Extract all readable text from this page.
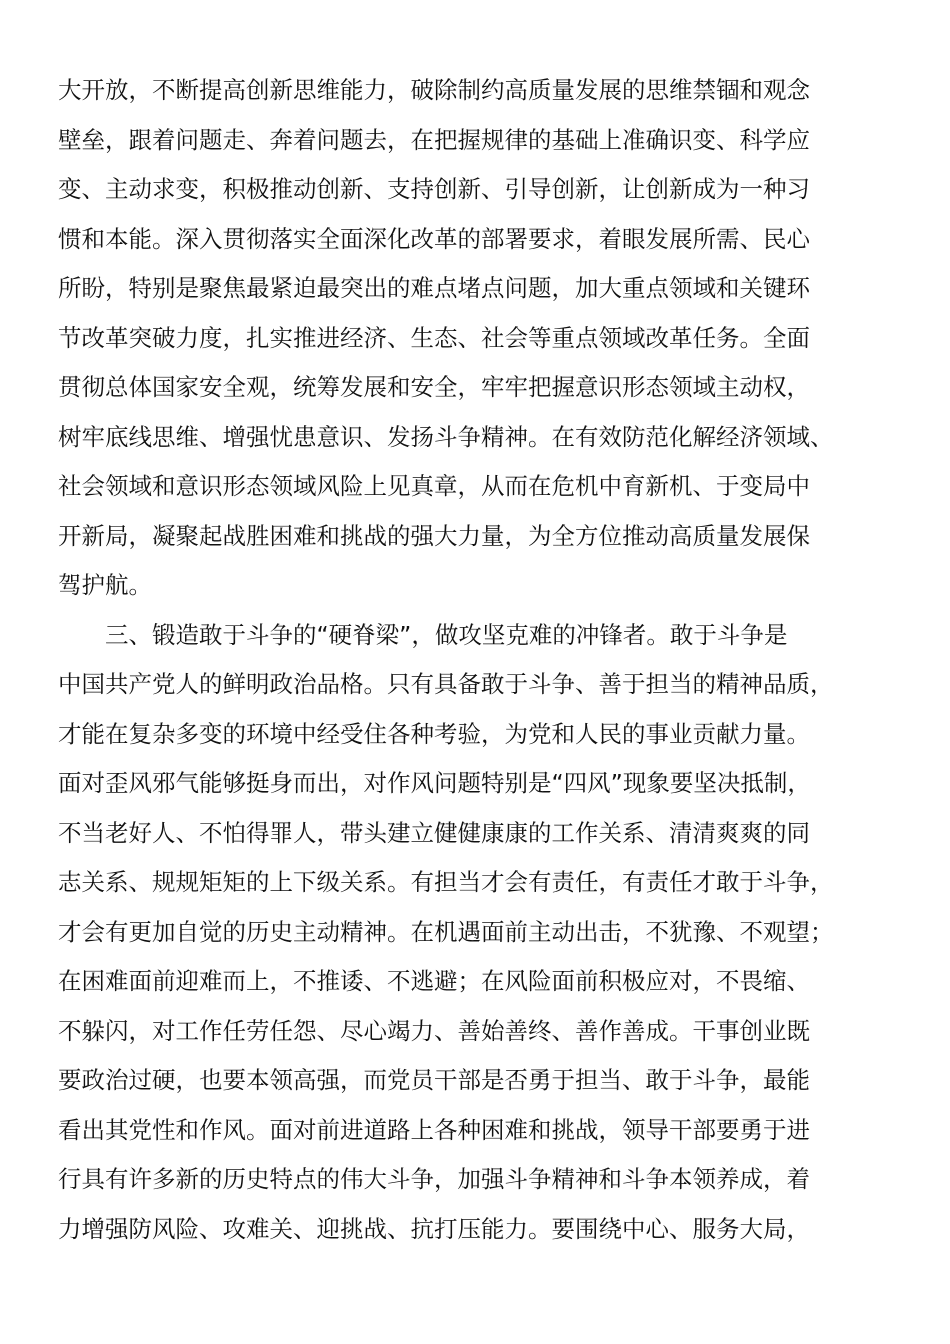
大开放，不断提高创新思维能力，破除制约高质量发展的思维禁锢和观念
壁垒，跟着问题走、奔着问题去，在把握规律的基础上准确识变、科学应
变、主动求变，积极推动创新、支持创新、引导创新，让创新成为一种习
惯和本能。深入贯彻落实全面深化改革的部署要求，着眼发展所需、民心
所盼，特别是聚焦最紧迫最突出的难点堵点问题，加大重点领域和关键环
节改革突破力度，扎实推进经济、生态、社会等重点领域改革任务。全面
贯彻总体国家安全观，统筹发展和安全，牢牢把握意识形态领域主动权，
树牢底线思维、增强忧患意识、发扬斗争精神。在有效防范化解经济领域、
社会领域和意识形态领域风险上见真章，从而在危机中育新机、于变局中
开新局，凝聚起战胜困难和挑战的强大力量，为全方位推动高质量发展保
驾护航。
三、锻造敢于斗争的“硬脊梁”，做攻坚克难的冲锋者。敢于斗争是
中国共产党人的鲜明政治品格。只有具备敢于斗争、善于担当的精神品质，
才能在复杂多变的环境中经受住各种考验，为党和人民的事业贡献力量。
面对歪风邪气能够挺身而出，对作风问题特别是“四风”现象要坚决抵制，
不当老好人、不怕得罪人，带头建立健健康康的工作关系、清清爽爽的同
志关系、规规矩矩的上下级关系。有担当才会有责任，有责任才敢于斗争，
才会有更加自觉的历史主动精神。在机遇面前主动出击，不犹豫、不观望；
在困难面前迎难而上，不推诿、不逃避；在风险面前积极应对，不畏缩、
不躲闪，对工作任劳任怨、尽心竭力、善始善终、善作善成。干事创业既
要政治过硬，也要本领高强，而党员干部是否勇于担当、敢于斗争，最能
看出其党性和作风。面对前进道路上各种困难和挑战，领导干部要勇于进
行具有许多新的历史特点的伟大斗争，加强斗争精神和斗争本领养成，着
力增强防风险、攻难关、迎挑战、抗打压能力。要围绕中心、服务大局，
